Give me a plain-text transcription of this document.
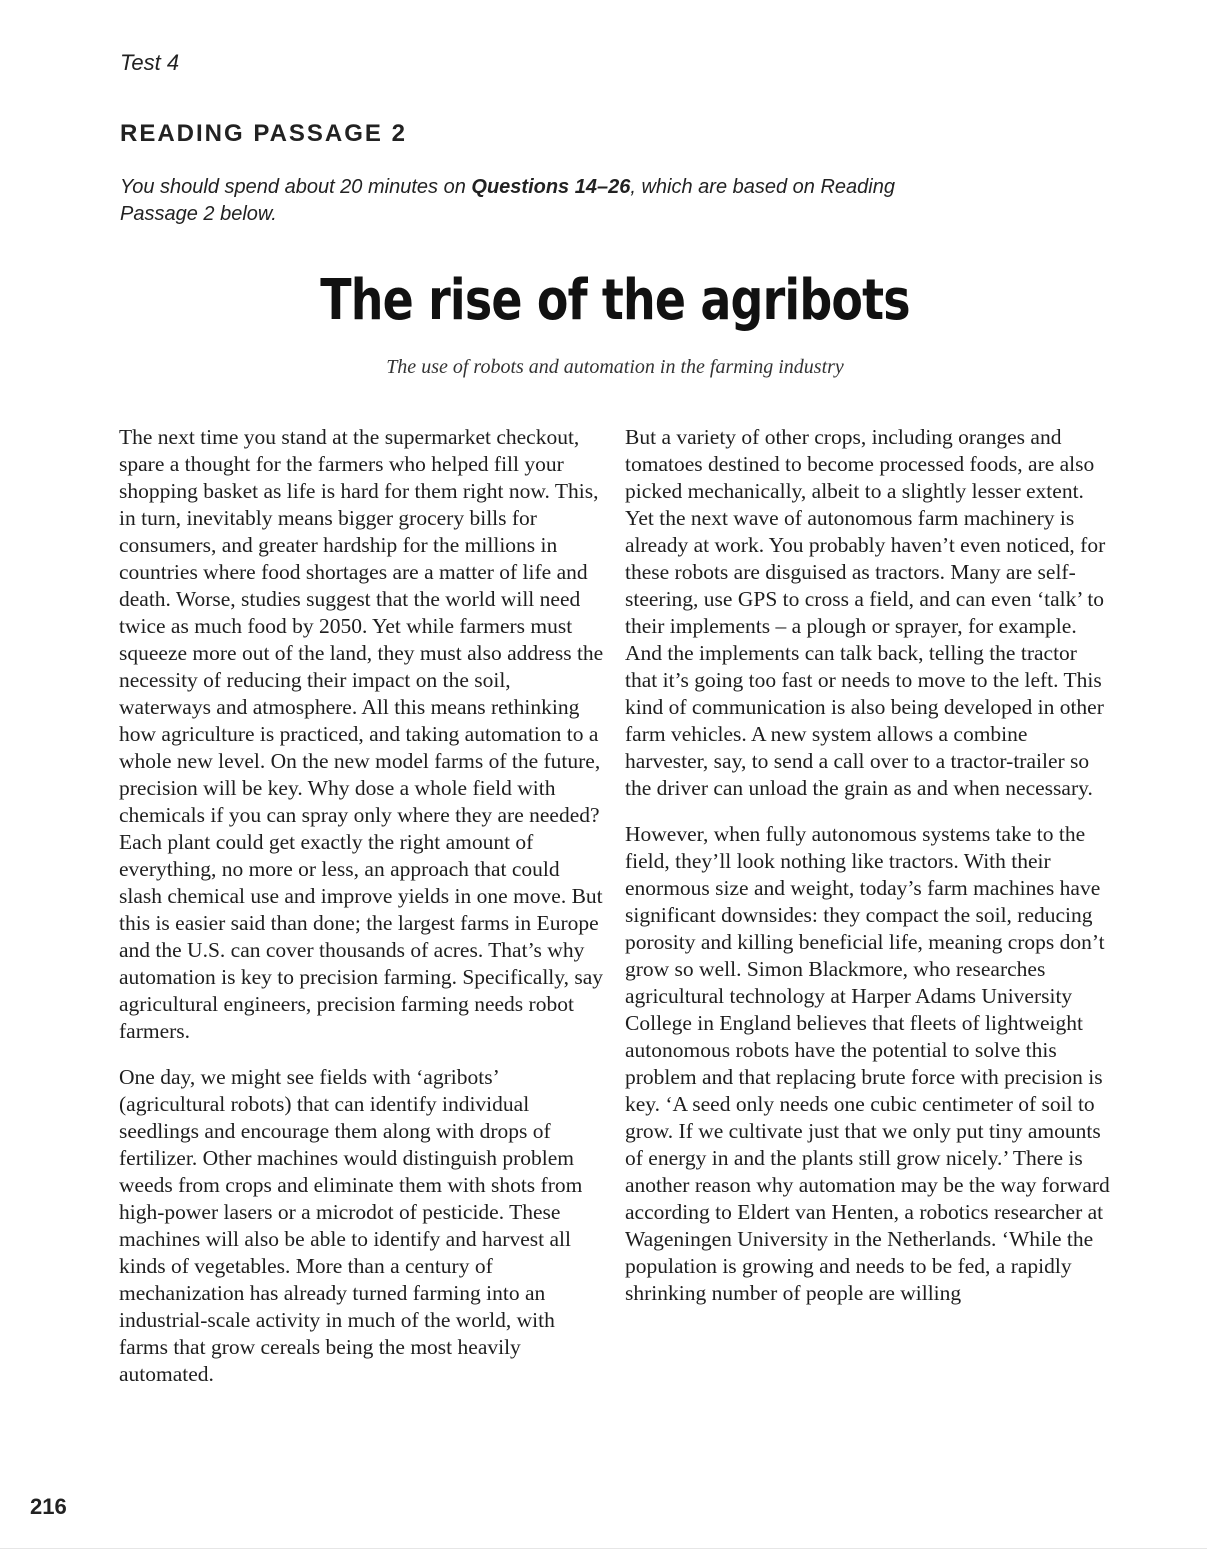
Test 4
READING PASSAGE 2
You should spend about 20 minutes on Questions 14–26, which are based on Reading Passage 2 below.
The rise of the agribots
The use of robots and automation in the farming industry

The next time you stand at the supermarket checkout, spare a thought for the farmers who helped fill your shopping basket as life is hard for them right now. This, in turn, inevitably means bigger grocery bills for consumers, and greater hardship for the millions in countries where food shortages are a matter of life and death. Worse, studies suggest that the world will need twice as much food by 2050. Yet while farmers must squeeze more out of the land, they must also address the necessity of reducing their impact on the soil, waterways and atmosphere. All this means rethinking how agriculture is practiced, and taking automation to a whole new level. On the new model farms of the future, precision will be key. Why dose a whole field with chemicals if you can spray only where they are needed? Each plant could get exactly the right amount of everything, no more or less, an approach that could slash chemical use and improve yields in one move. But this is easier said than done; the largest farms in Europe and the U.S. can cover thousands of acres. That’s why automation is key to precision farming. Specifically, say agricultural engineers, precision farming needs robot farmers.

One day, we might see fields with ‘agribots’ (agricultural robots) that can identify individual seedlings and encourage them along with drops of fertilizer. Other machines would distinguish problem weeds from crops and eliminate them with shots from high-power lasers or a microdot of pesticide. These machines will also be able to identify and harvest all kinds of vegetables. More than a century of mechanization has already turned farming into an industrial-scale activity in much of the world, with farms that grow cereals being the most heavily automated.

But a variety of other crops, including oranges and tomatoes destined to become processed foods, are also picked mechanically, albeit to a slightly lesser extent. Yet the next wave of autonomous farm machinery is already at work. You probably haven’t even noticed, for these robots are disguised as tractors. Many are self-steering, use GPS to cross a field, and can even ‘talk’ to their implements – a plough or sprayer, for example. And the implements can talk back, telling the tractor that it’s going too fast or needs to move to the left. This kind of communication is also being developed in other farm vehicles. A new system allows a combine harvester, say, to send a call over to a tractor-trailer so the driver can unload the grain as and when necessary.

However, when fully autonomous systems take to the field, they’ll look nothing like tractors. With their enormous size and weight, today’s farm machines have significant downsides: they compact the soil, reducing porosity and killing beneficial life, meaning crops don’t grow so well. Simon Blackmore, who researches agricultural technology at Harper Adams University College in England believes that fleets of lightweight autonomous robots have the potential to solve this problem and that replacing brute force with precision is key. ‘A seed only needs one cubic centimeter of soil to grow. If we cultivate just that we only put tiny amounts of energy in and the plants still grow nicely.’ There is another reason why automation may be the way forward according to Eldert van Henten, a robotics researcher at Wageningen University in the Netherlands. ‘While the population is growing and needs to be fed, a rapidly shrinking number of people are willing

216
